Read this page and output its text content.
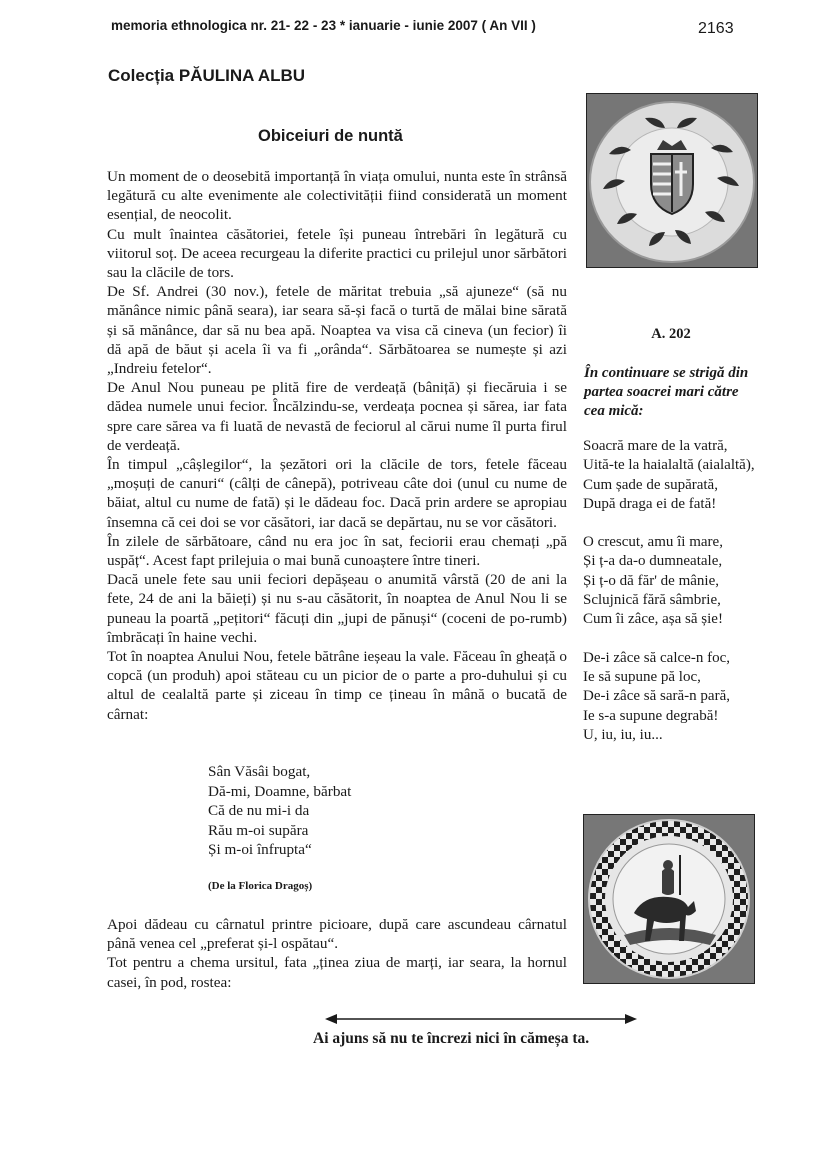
memoria ethnologica nr. 21- 22 - 23 * ianuarie - iunie 2007 ( An VII )	2163
Colecția PĂULINA ALBU
Obiceiuri de nuntă

Un moment de o deosebită importanță în viața omului, nunta este în strânsă legătură cu alte evenimente ale colectivității fiind considerată un moment esențial, de neocolit.

Cu mult înaintea căsătoriei, fetele își puneau întrebări în legătură cu viitorul soț. De aceea recurgeau la diferite practici cu prilejul unor sărbători sau la clăcile de tors.

De Sf. Andrei (30 nov.), fetele de măritat trebuia „să ajuneze“ (să nu mănânce nimic până seara), iar seara să-și facă o turtă de mălai bine sărată și să mănânce, dar să nu bea apă. Noaptea va visa că cineva (un fecior) îi dă apă de băut și acela îi va fi „orânda“. Sărbătoarea se numește și azi „Indreiu fetelor“.

De Anul Nou puneau pe plită fire de verdeață (bâniță) și fiecăruia i se dădea numele unui fecior. Încălzindu-se, verdeața pocnea și sărea, iar fata spre care sărea va fi luată de nevastă de feciorul al cărui nume îl purta firul de verdeață.

În timpul „câșlegilor“, la șezători ori la clăcile de tors, fetele făceau „moșuți de canuri“ (câlți de cânepă), potriveau câte doi (unul cu nume de băiat, altul cu nume de fată) și le dădeau foc. Dacă prin ardere se apropiau însemna că cei doi se vor căsători, iar dacă se depărtau, nu se vor căsători.

În zilele de sărbătoare, când nu era joc în sat, feciorii erau chemați „pă uspăț“. Acest fapt prilejuia o mai bună cunoaștere între tineri.

Dacă unele fete sau unii feciori depășeau o anumită vârstă (20 de ani la fete, 24 de ani la băieți) și nu s-au căsătorit, în noaptea de Anul Nou li se puneau la poartă „pețitori“ făcuți din „jupi de pănuși“ (coceni de po-rumb) îmbrăcați în haine vechi.

Tot în noaptea Anului Nou, fetele bătrâne ieșeau la vale. Făceau în gheață o copcă (un produh) apoi stăteau cu un picior de o parte a pro-duhului și cu altul de cealaltă parte și ziceau în timp ce țineau în mână o bucată de cârnat:

Sân Văsâi bogat,
Dă-mi, Doamne, bărbat
Că de nu mi-i da
Rău m-oi supăra
Și m-oi înfrupta“
(De la Florica Dragoș)

Apoi dădeau cu cârnatul printre picioare, după care ascundeau cârnatul până venea cel „preferat și-l ospătau“.

Tot pentru a chema ursitul, fata „ținea ziua de marți, iar seara, la hornul casei, în pod, rostea:

A. 202
În continuare se strigă din
partea soacrei mari către
cea mică:
Soacră mare de la vatră,
Uită-te la haialaltă (aialaltă),
Cum șade de supărată,
După draga ei de fată!
O crescut, amu îi mare,
Și ț-a da-o dumneatale,
Și ț-o dă făr' de mânie,
Sclujnică fără sâmbrie,
Cum îi zâce, așa să șie!
De-i zâce să calce-n foc,
Ie să supune pă loc,
De-i zâce să sară-n pară,
Ie s-a supune degrabă!
U, iu, iu, iu...
Ai ajuns să nu te încrezi nici în cămeșa ta.
